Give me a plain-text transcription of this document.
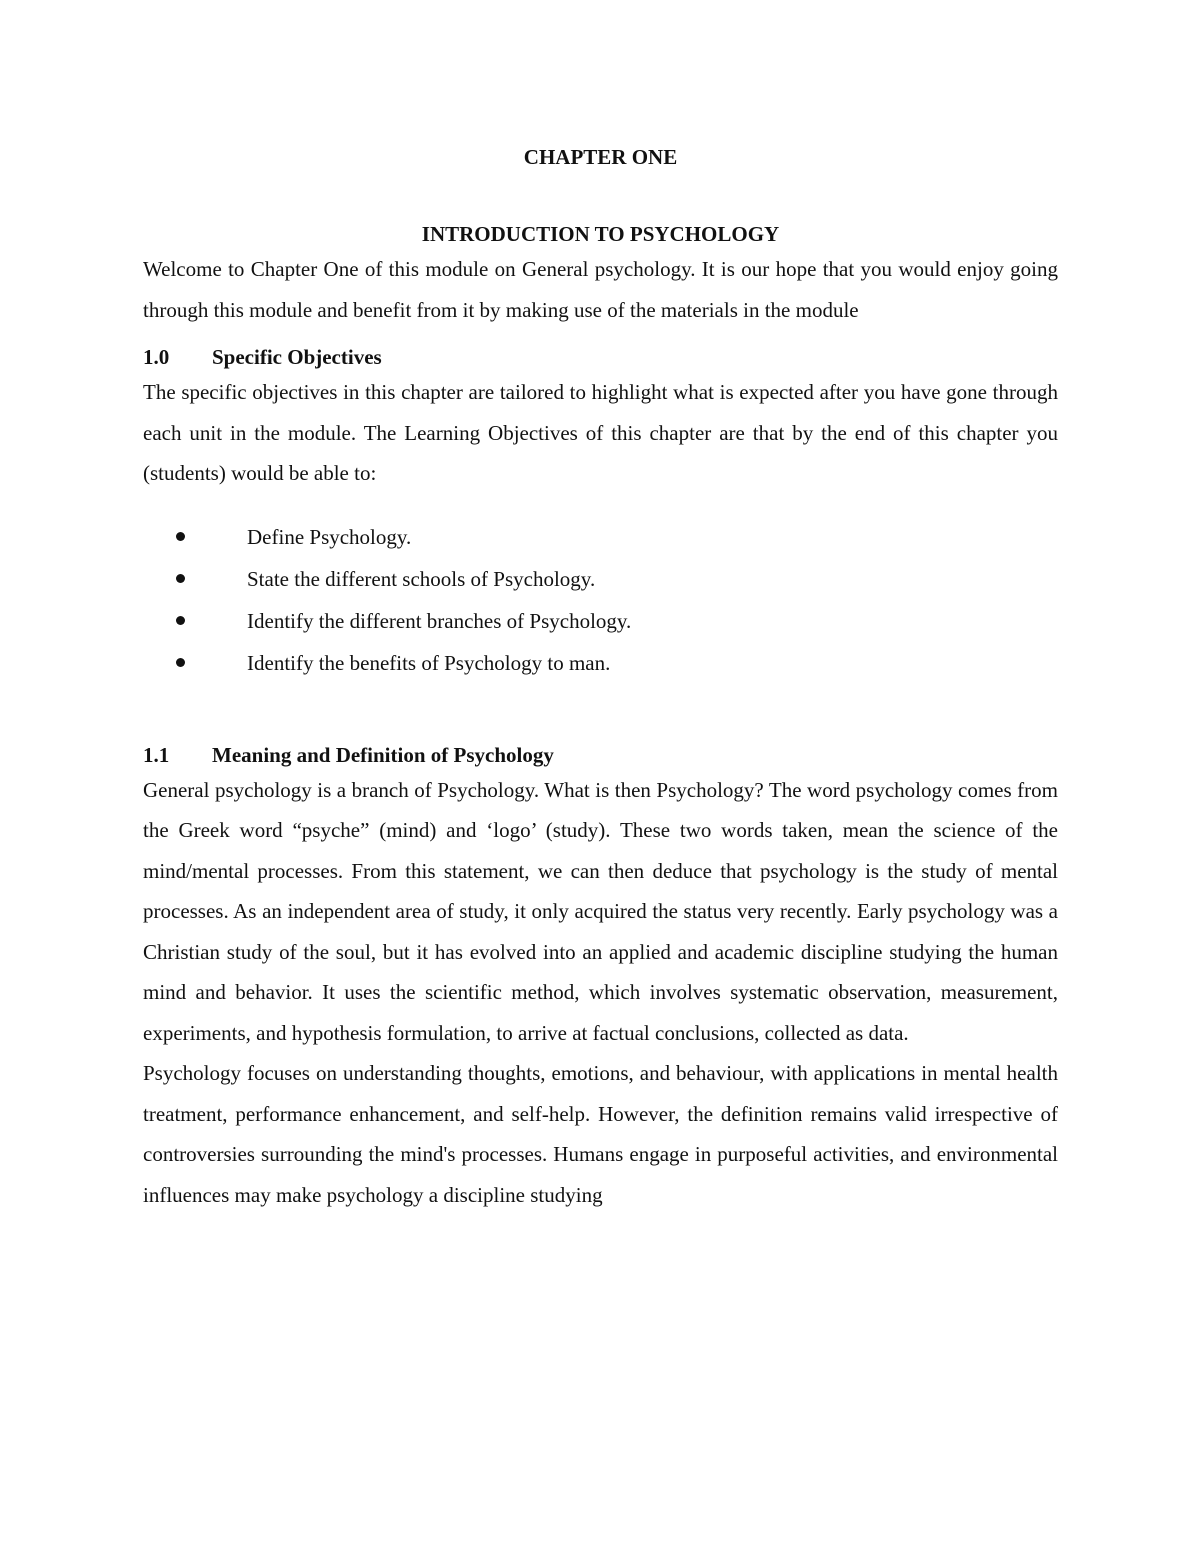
CHAPTER ONE
INTRODUCTION TO PSYCHOLOGY

Welcome to Chapter One of this module on General psychology. It is our hope that you would enjoy going through this module and benefit from it by making use of the materials in the module

1.0	Specific Objectives

The specific objectives in this chapter are tailored to highlight what is expected after you have gone through each unit in the module. The Learning Objectives of this chapter are that by the end of this chapter you (students) would be able to:

Define Psychology.
State the different schools of Psychology.
Identify the different branches of Psychology.
Identify the benefits of Psychology to man.
1.1	Meaning and Definition of Psychology

General psychology is a branch of Psychology. What is then Psychology? The word psychology comes from the Greek word “psyche” (mind) and ‘logo’ (study). These two words taken, mean the science of the mind/mental processes. From this statement, we can then deduce that psychology is the study of mental processes. As an independent area of study, it only acquired the status very recently. Early psychology was a Christian study of the soul, but it has evolved into an applied and academic discipline studying the human mind and behavior. It uses the scientific method, which involves systematic observation, measurement, experiments, and hypothesis formulation, to arrive at factual conclusions, collected as data.

Psychology focuses on understanding thoughts, emotions, and behaviour, with applications in mental health treatment, performance enhancement, and self-help. However, the definition remains valid irrespective of controversies surrounding the mind's processes. Humans engage in purposeful activities, and environmental influences may make psychology a discipline studying
